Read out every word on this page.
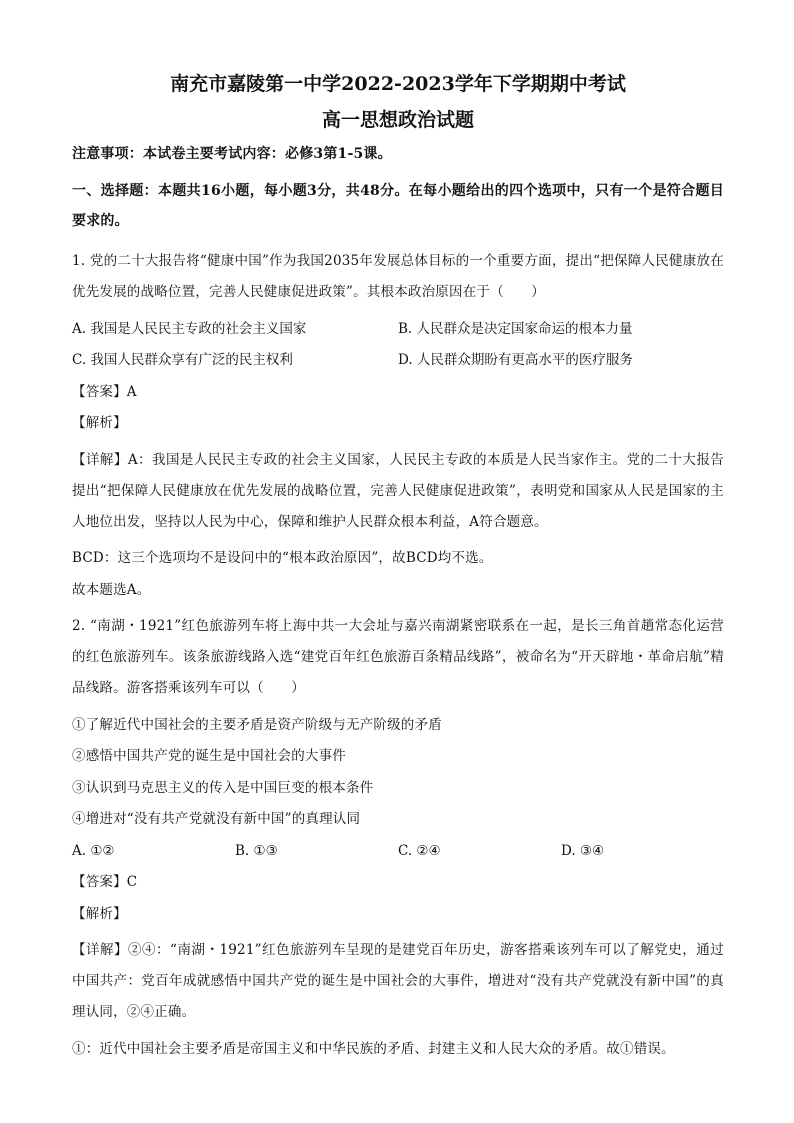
南充市嘉陵第一中学2022-2023学年下学期期中考试
高一思想政治试题
注意事项：本试卷主要考试内容：必修3第1-5课。
一、选择题：本题共16小题，每小题3分，共48分。在每小题给出的四个选项中，只有一个是符合题目要求的。
1. 党的二十大报告将“健康中国”作为我国2035年发展总体目标的一个重要方面，提出“把保障人民健康放在优先发展的战略位置，完善人民健康促进政策”。其根本政治原因在于（　　）
A. 我国是人民民主专政的社会主义国家	B. 人民群众是决定国家命运的根本力量
C. 我国人民群众享有广泛的民主权利	D. 人民群众期盼有更高水平的医疗服务
【答案】A
【解析】
【详解】A：我国是人民民主专政的社会主义国家，人民民主专政的本质是人民当家作主。党的二十大报告提出“把保障人民健康放在优先发展的战略位置，完善人民健康促进政策”，表明党和国家从人民是国家的主人地位出发，坚持以人民为中心，保障和维护人民群众根本利益，A符合题意。
BCD：这三个选项均不是设问中的“根本政治原因”，故BCD均不选。
故本题选A。
2. “南湖・1921”红色旅游列车将上海中共一大会址与嘉兴南湖紧密联系在一起，是长三角首趟常态化运营的红色旅游列车。该条旅游线路入选“建党百年红色旅游百条精品线路”，被命名为“开天辟地・革命启航”精品线路。游客搭乘该列车可以（　　）
①了解近代中国社会的主要矛盾是资产阶级与无产阶级的矛盾
②感悟中国共产党的诞生是中国社会的大事件
③认识到马克思主义的传入是中国巨变的根本条件
④增进对“没有共产党就没有新中国”的真理认同
A. ①②	B. ①③	C. ②④	D. ③④
【答案】C
【解析】
【详解】②④：“南湖・1921”红色旅游列车呈现的是建党百年历史，游客搭乘该列车可以了解党史，通过中国共产：党百年成就感悟中国共产党的诞生是中国社会的大事件，增进对“没有共产党就没有新中国”的真理认同，②④正确。
①：近代中国社会主要矛盾是帝国主义和中华民族的矛盾、封建主义和人民大众的矛盾。故①错误。
